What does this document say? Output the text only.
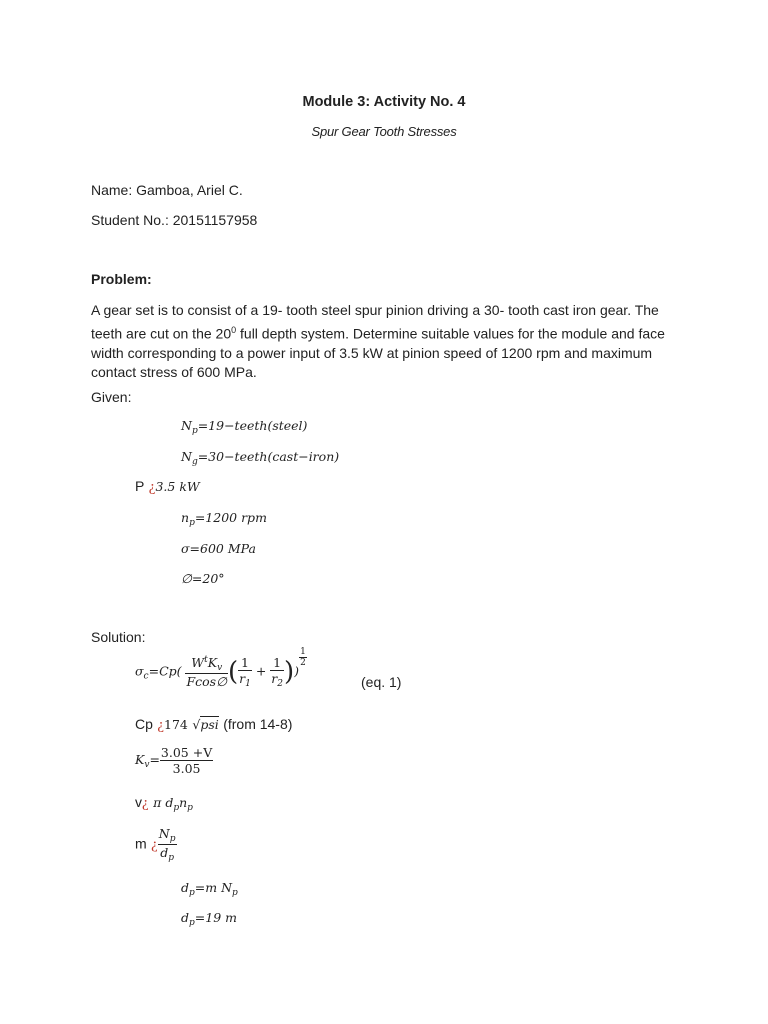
Module 3: Activity No. 4
Spur Gear Tooth Stresses
Name: Gamboa, Ariel C.
Student No.: 20151157958
Problem:
A gear set is to consist of a 19- tooth steel spur pinion driving a 30- tooth cast iron gear. The teeth are cut on the $20^0$ full depth system. Determine suitable values for the module and face width corresponding to a power input of 3.5 kW at pinion speed of 1200 rpm and maximum contact stress of 600 MPa.
Given:
$N_p=19-teeth(steel)$
$N_g=30-teeth(cast-iron)$
P ¿3.5 kW
$n_p=1200$ rpm
σ=600 MPa
∅=20°
Solution:
$\sigma_c=Cp( \frac{W^tK_v}{Fcos\emptyset}$ ( $\frac{1}{r_1} + \frac{1}{r_2}$ ))
$^{\frac{1}{2}}$
(eq. 1)
Cp ¿174 √psi (from 14-8)
$K_v= \frac{3.05 +V}{3.05}$
v¿ π $d_pn_p$
m ¿ $\frac{N_p}{d_p}$
$d_p=m$ $N_p$
$d_p=19$ m
